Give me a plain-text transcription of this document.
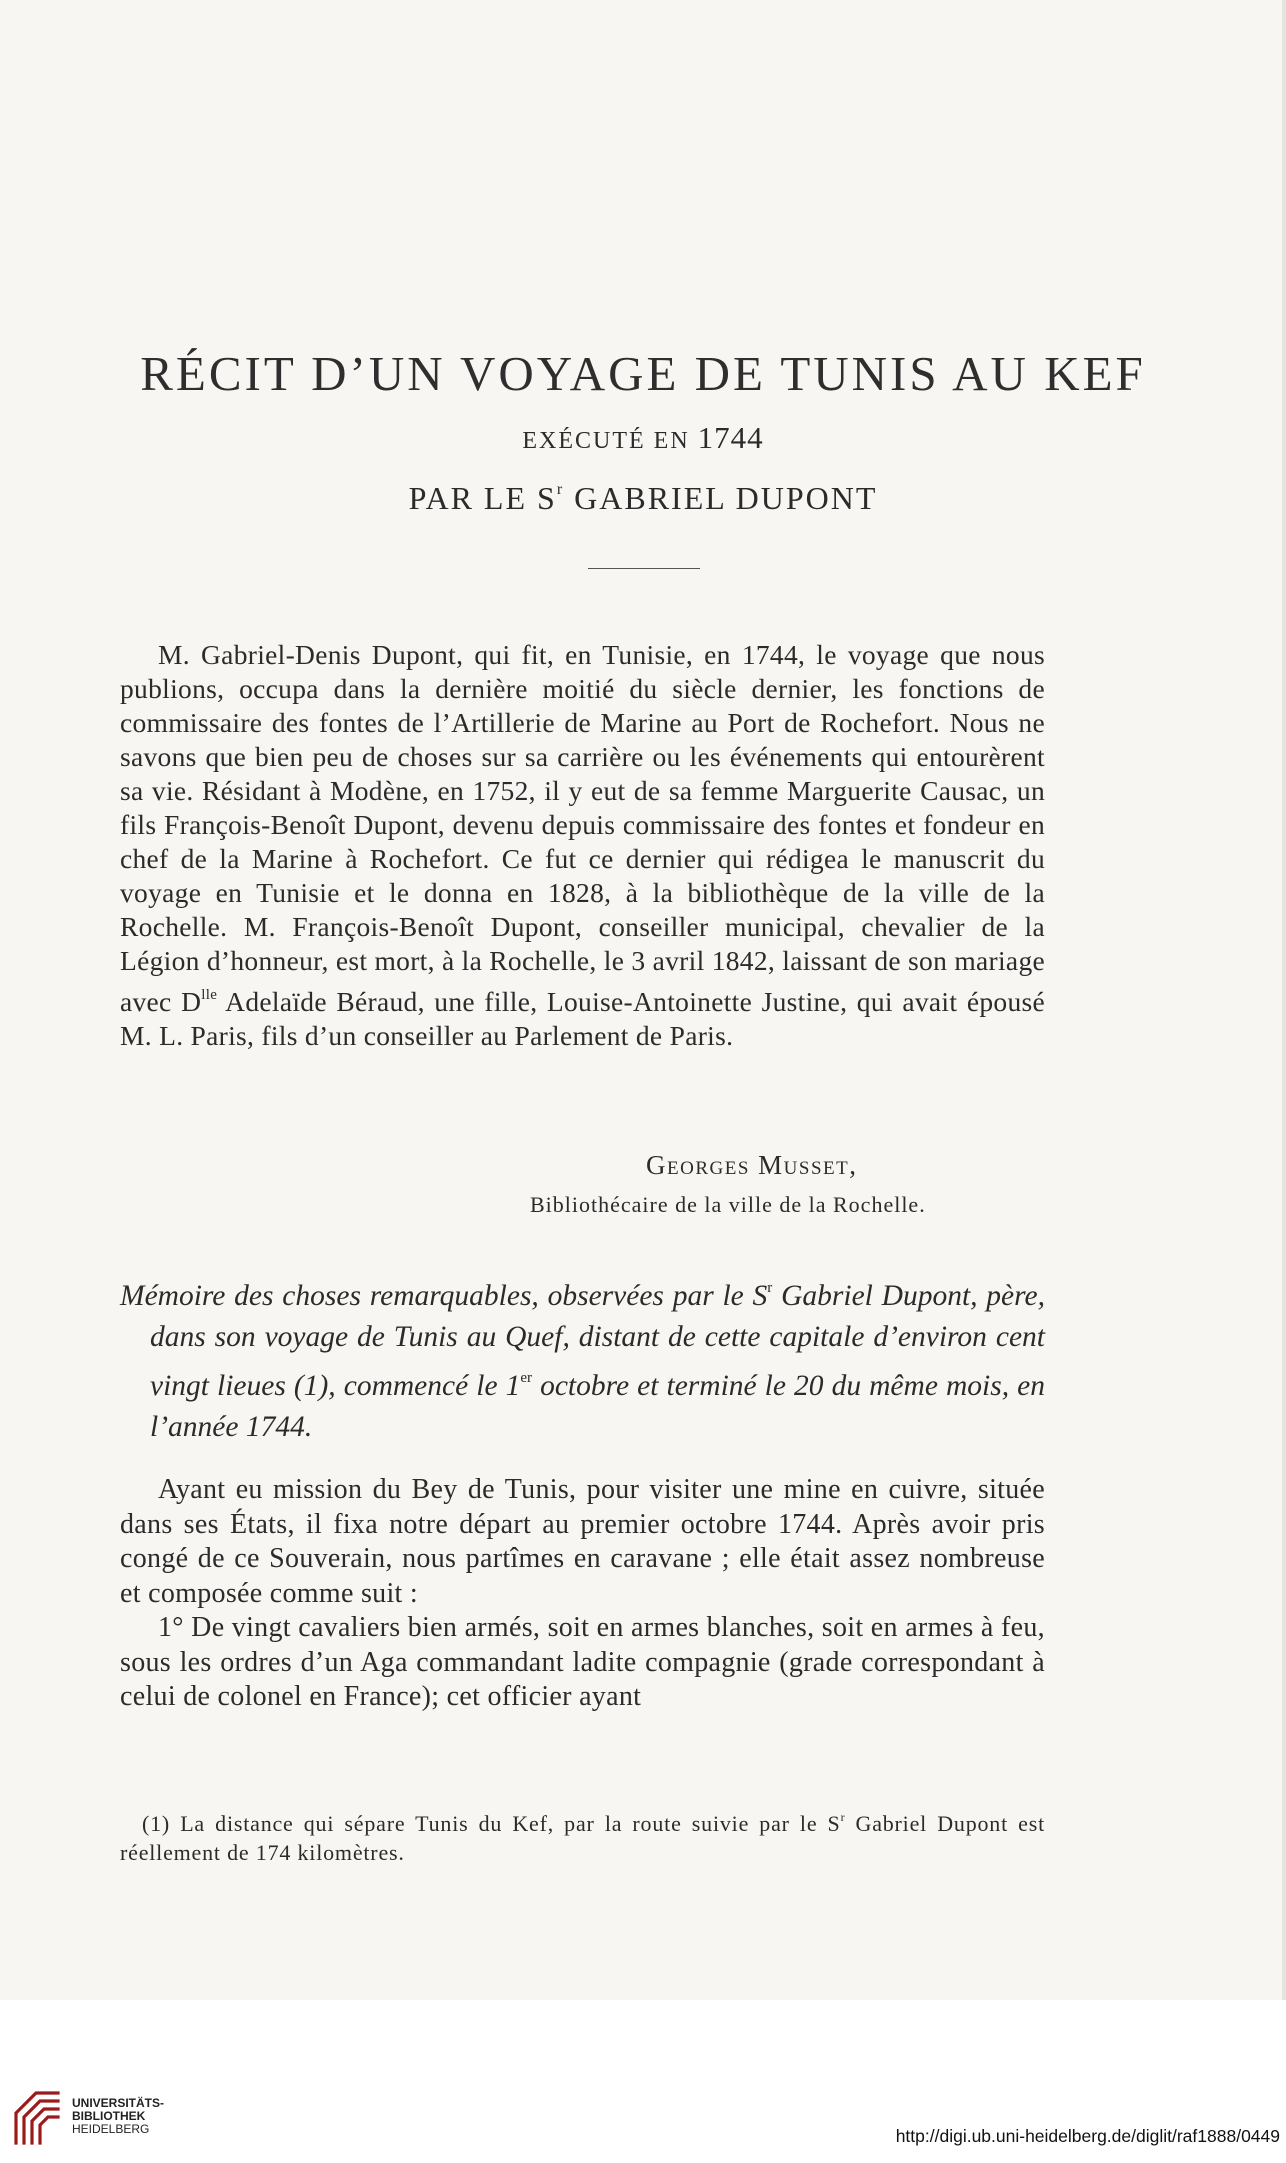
RÉCIT D’UN VOYAGE DE TUNIS AU KEF
EXÉCUTÉ EN 1744
PAR LE $S^r$ GABRIEL DUPONT

M. Gabriel-Denis Dupont, qui fit, en Tunisie, en 1744, le voyage que nous publions, occupa dans la dernière moitié du siècle dernier, les fonctions de commissaire des fontes de l’Artillerie de Marine au Port de Rochefort. Nous ne savons que bien peu de choses sur sa carrière ou les événements qui entourèrent sa vie. Résidant à Modène, en 1752, il y eut de sa femme Marguerite Causac, un fils François-Benoît Dupont, devenu depuis commissaire des fontes et fondeur en chef de la Marine à Rochefort. Ce fut ce dernier qui rédigea le manuscrit du voyage en Tunisie et le donna en 1828, à la bibliothèque de la ville de la Rochelle. M. François-Benoît Dupont, conseiller municipal, chevalier de la Légion d’honneur, est mort, à la Rochelle, le 3 avril 1842, laissant de son mariage avec $D^{lle}$ Adelaïde Béraud, une fille, Louise-Antoinette Justine, qui avait épousé M. L. Paris, fils d’un conseiller au Parlement de Paris.

Georges Musset,
Bibliothécaire de la ville de la Rochelle.

Mémoire des choses remarquables, observées par le $S^r$ Gabriel Dupont, père, dans son voyage de Tunis au Quef, distant de cette capitale d’environ cent vingt lieues (1), commencé le 1er octobre et terminé le 20 du même mois, en l’année 1744.

Ayant eu mission du Bey de Tunis, pour visiter une mine en cuivre, située dans ses États, il fixa notre départ au premier octobre 1744. Après avoir pris congé de ce Souverain, nous partîmes en caravane ; elle était assez nombreuse et composée comme suit :

1° De vingt cavaliers bien armés, soit en armes blanches, soit en armes à feu, sous les ordres d’un Aga commandant ladite compagnie (grade correspondant à celui de colonel en France); cet officier ayant

(1) La distance qui sépare Tunis du Kef, par la route suivie par le $S^r$ Gabriel Dupont est réellement de 174 kilomètres.

UNIVERSITÄTS-
BIBLIOTHEK
HEIDELBERG	http://digi.ub.uni-heidelberg.de/diglit/raf1888/0449
